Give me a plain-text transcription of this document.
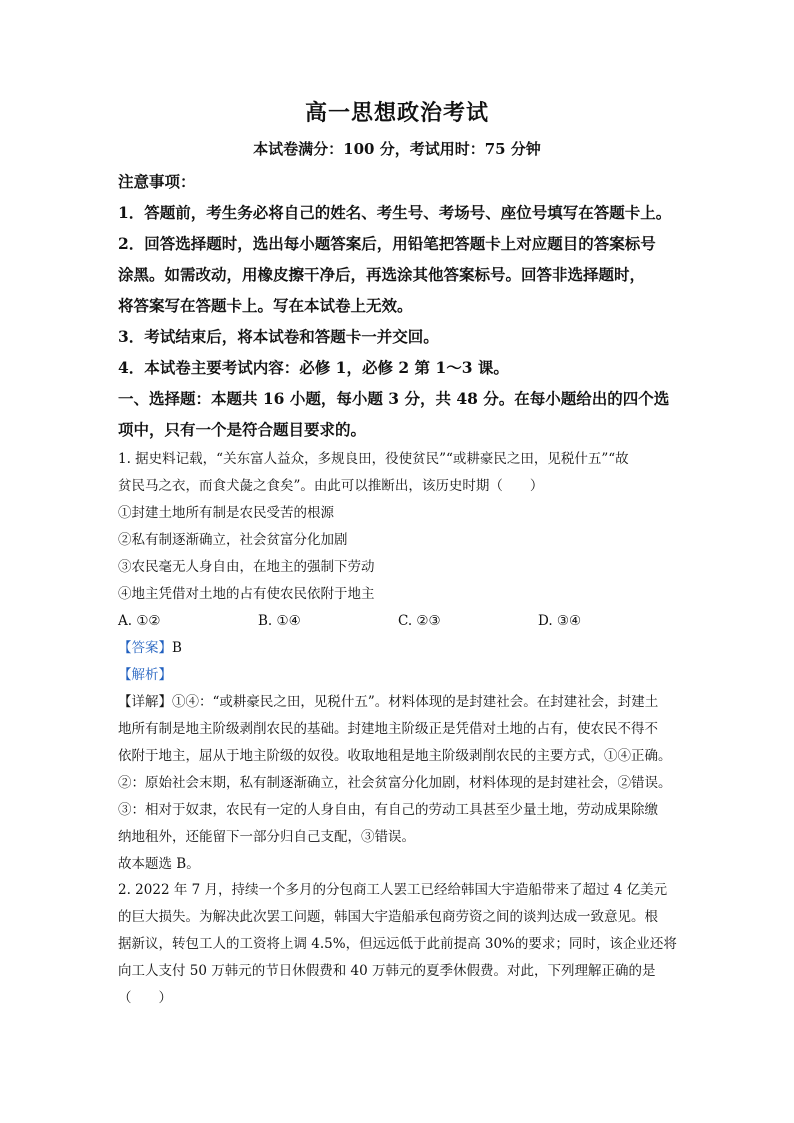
高一思想政治考试
本试卷满分：100 分，考试用时：75 分钟
注意事项：
1．答题前，考生务必将自己的姓名、考生号、考场号、座位号填写在答题卡上。
2．回答选择题时，选出每小题答案后，用铅笔把答题卡上对应题目的答案标号
涂黑。如需改动，用橡皮擦干净后，再选涂其他答案标号。回答非选择题时，
将答案写在答题卡上。写在本试卷上无效。
3．考试结束后，将本试卷和答题卡一并交回。
4．本试卷主要考试内容：必修 1，必修 2 第 1～3 课。
一、选择题：本题共 16 小题，每小题 3 分，共 48 分。在每小题给出的四个选
项中，只有一个是符合题目要求的。
1. 据史料记载，“关东富人益众，多规良田，役使贫民”“或耕豪民之田，见税什五”“故
贫民马之衣，而食犬彘之食矣”。由此可以推断出，该历史时期（　　）
①封建土地所有制是农民受苦的根源
②私有制逐渐确立，社会贫富分化加剧
③农民毫无人身自由，在地主的强制下劳动
④地主凭借对土地的占有使农民依附于地主
A. ①②	B. ①④	C. ②③	D. ③④
【答案】B
【解析】
【详解】①④：“或耕豪民之田，见税什五”。材料体现的是封建社会。在封建社会，封建土
地所有制是地主阶级剥削农民的基础。封建地主阶级正是凭借对土地的占有，使农民不得不
依附于地主，屈从于地主阶级的奴役。收取地租是地主阶级剥削农民的主要方式，①④正确。
②：原始社会末期，私有制逐渐确立，社会贫富分化加剧，材料体现的是封建社会，②错误。
③：相对于奴隶，农民有一定的人身自由，有自己的劳动工具甚至少量土地，劳动成果除缴
纳地租外，还能留下一部分归自己支配，③错误。
故本题选 B。
2. 2022 年 7 月，持续一个多月的分包商工人罢工已经给韩国大宇造船带来了超过 4 亿美元
的巨大损失。为解决此次罢工问题，韩国大宇造船承包商劳资之间的谈判达成一致意见。根
据新议，转包工人的工资将上调 4.5%，但远远低于此前提高 30%的要求；同时，该企业还将
向工人支付 50 万韩元的节日休假费和 40 万韩元的夏季休假费。对此，下列理解正确的是
（　　）
